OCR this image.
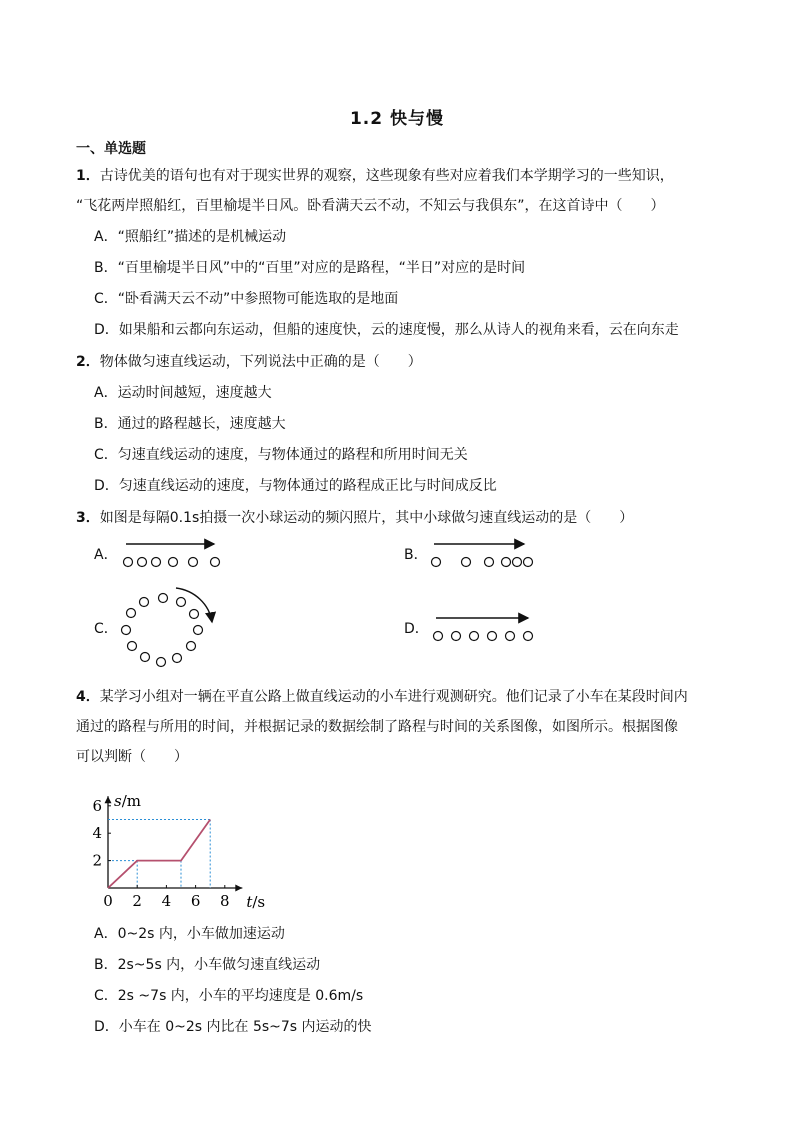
1.2 快与慢
一、单选题
1．古诗优美的语句也有对于现实世界的观察，这些现象有些对应着我们本学期学习的一些知识，
“飞花两岸照船红，百里榆堤半日风。卧看满天云不动，不知云与我俱东”，在这首诗中（　　）
A．“照船红”描述的是机械运动
B．“百里榆堤半日风”中的“百里”对应的是路程，“半日”对应的是时间
C．“卧看满天云不动”中参照物可能选取的是地面
D．如果船和云都向东运动，但船的速度快，云的速度慢，那么从诗人的视角来看，云在向东走
2．物体做匀速直线运动，下列说法中正确的是（　　）
A．运动时间越短，速度越大
B．通过的路程越长，速度越大
C．匀速直线运动的速度，与物体通过的路程和所用时间无关
D．匀速直线运动的速度，与物体通过的路程成正比与时间成反比
3．如图是每隔0.1s拍摄一次小球运动的频闪照片，其中小球做匀速直线运动的是（　　）
A．	B．
C．	D．
4．某学习小组对一辆在平直公路上做直线运动的小车进行观测研究。他们记录了小车在某段时间内
通过的路程与所用的时间，并根据记录的数据绘制了路程与时间的关系图像，如图所示。根据图像
可以判断（　　）
0 2 4 6 8
2
4
6 s/m
t/s
A．0~2s 内，小车做加速运动
B．2s~5s 内，小车做匀速直线运动
C．2s ~7s 内，小车的平均速度是 0.6m/s
D．小车在 0~2s 内比在 5s~7s 内运动的快
